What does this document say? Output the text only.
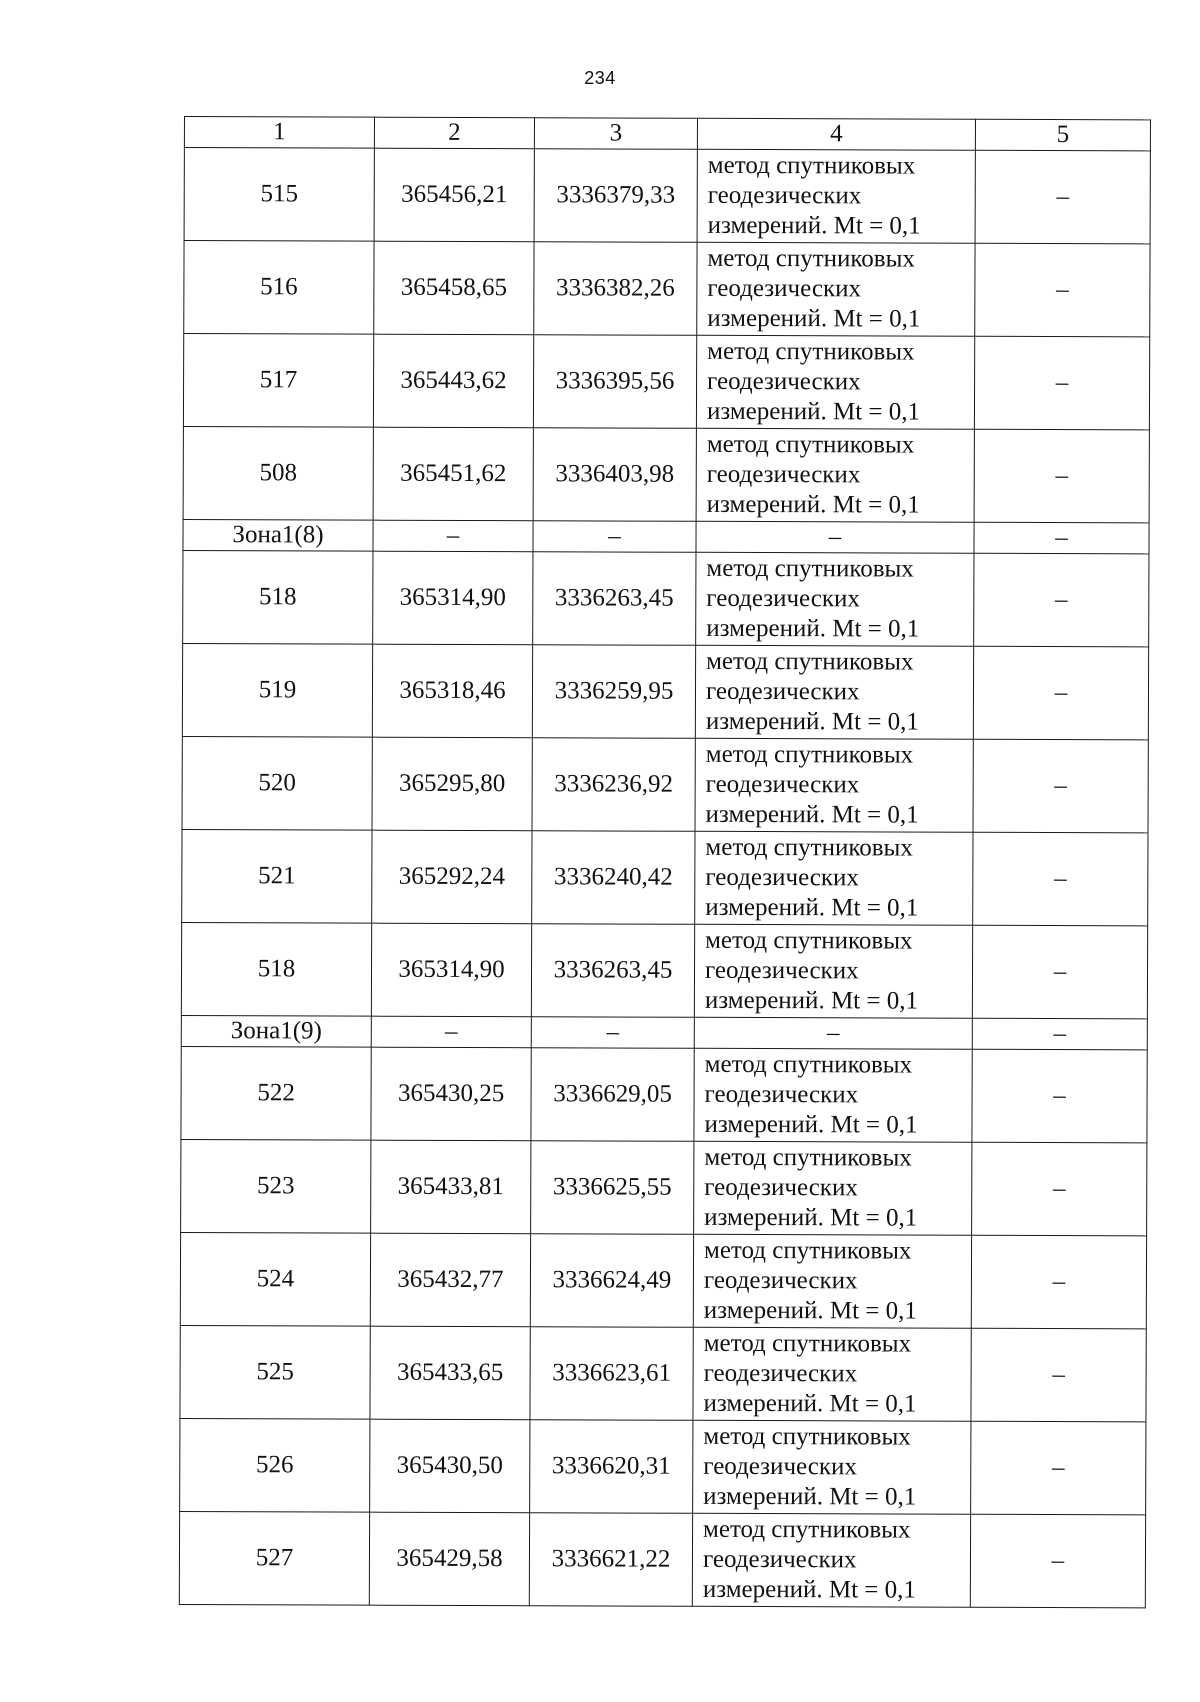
234
1	2	3	4	5
515	365456,21	3336379,33	метод спутниковых
геодезических
измерений. Mt = 0,1	–
516	365458,65	3336382,26	метод спутниковых
геодезических
измерений. Mt = 0,1	–
517	365443,62	3336395,56	метод спутниковых
геодезических
измерений. Mt = 0,1	–
508	365451,62	3336403,98	метод спутниковых
геодезических
измерений. Mt = 0,1	–
Зона1(8)	–	–	–	–
518	365314,90	3336263,45	метод спутниковых
геодезических
измерений. Mt = 0,1	–
519	365318,46	3336259,95	метод спутниковых
геодезических
измерений. Mt = 0,1	–
520	365295,80	3336236,92	метод спутниковых
геодезических
измерений. Mt = 0,1	–
521	365292,24	3336240,42	метод спутниковых
геодезических
измерений. Mt = 0,1	–
518	365314,90	3336263,45	метод спутниковых
геодезических
измерений. Mt = 0,1	–
Зона1(9)	–	–	–	–
522	365430,25	3336629,05	метод спутниковых
геодезических
измерений. Mt = 0,1	–
523	365433,81	3336625,55	метод спутниковых
геодезических
измерений. Mt = 0,1	–
524	365432,77	3336624,49	метод спутниковых
геодезических
измерений. Mt = 0,1	–
525	365433,65	3336623,61	метод спутниковых
геодезических
измерений. Mt = 0,1	–
526	365430,50	3336620,31	метод спутниковых
геодезических
измерений. Mt = 0,1	–
527	365429,58	3336621,22	метод спутниковых
геодезических
измерений. Mt = 0,1	–
